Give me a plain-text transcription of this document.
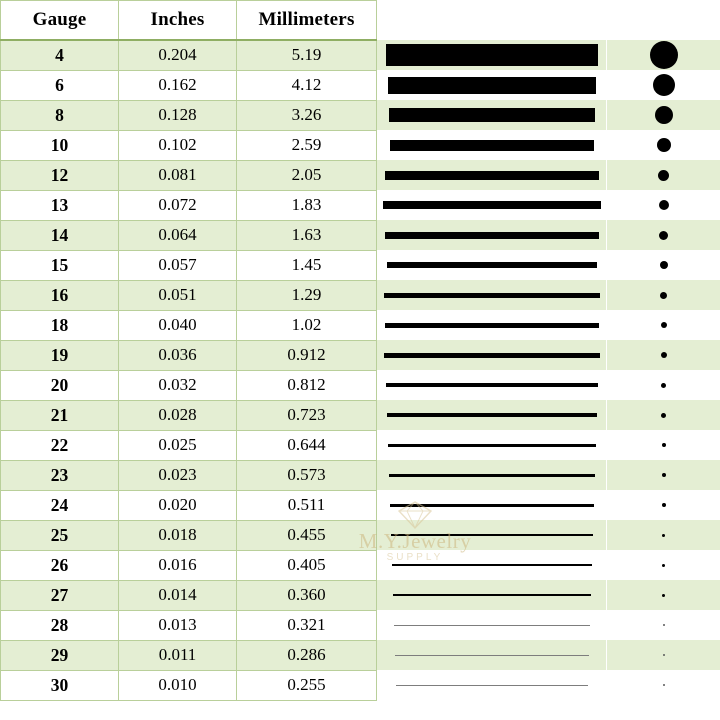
Gauge	Inches	Millimeters		
4	0.204	5.19	

6	0.162	4.12	

8	0.128	3.26	

10	0.102	2.59	

12	0.081	2.05	

13	0.072	1.83	

14	0.064	1.63	

15	0.057	1.45	

16	0.051	1.29	

18	0.040	1.02	

19	0.036	0.912	

20	0.032	0.812	

21	0.028	0.723	

22	0.025	0.644	

23	0.023	0.573	

24	0.020	0.511	

25	0.018	0.455	

26	0.016	0.405	

27	0.014	0.360	

28	0.013	0.321	

29	0.011	0.286	

30	0.010	0.255	

M.Y.Jewelry
SUPPLY
